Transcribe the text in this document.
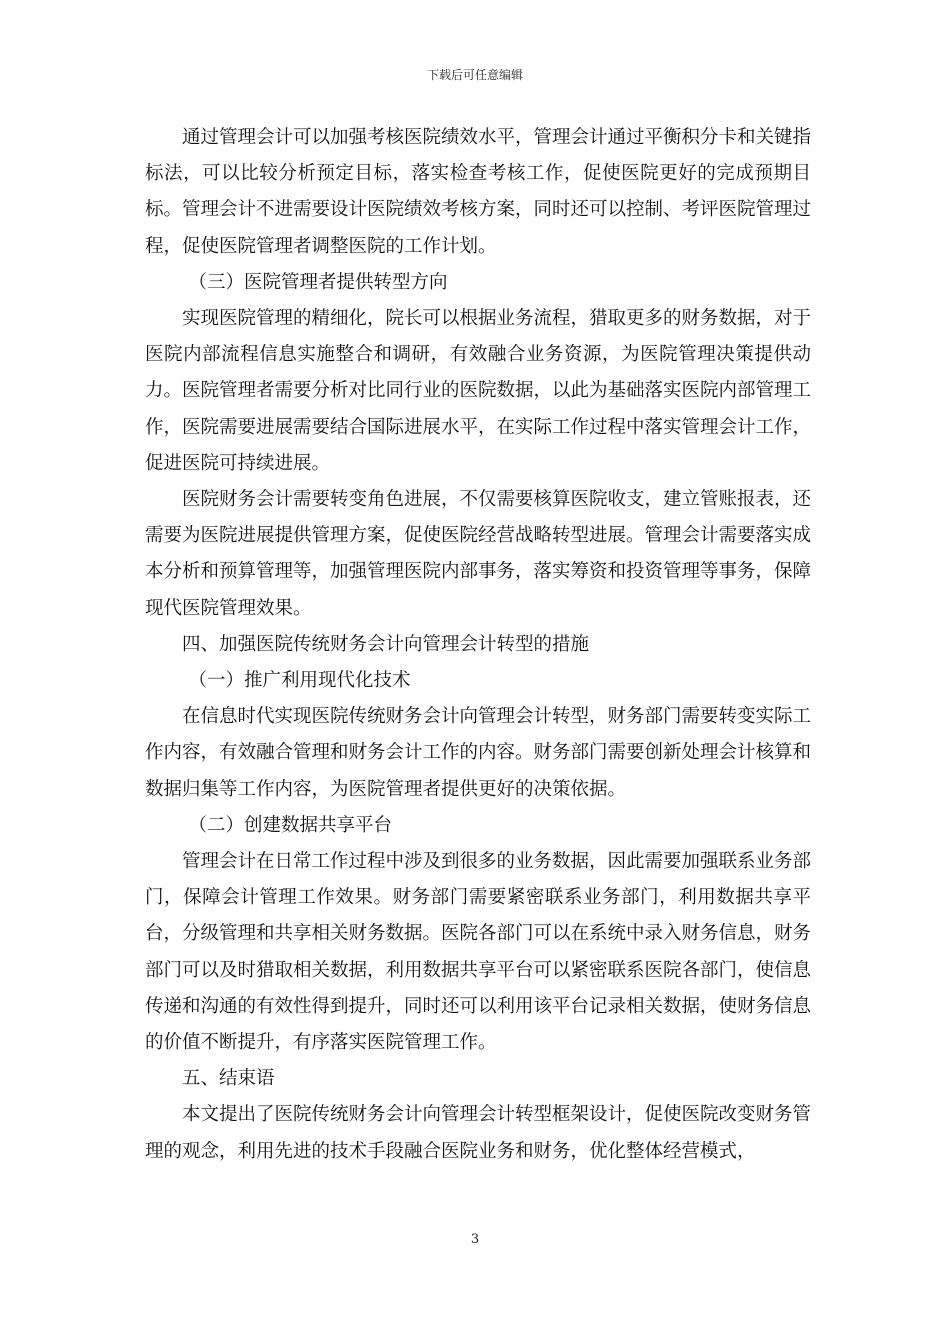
下载后可任意编辑

通过管理会计可以加强考核医院绩效水平，管理会计通过平衡积分卡和关键指标法，可以比较分析预定目标，落实检查考核工作，促使医院更好的完成预期目标。管理会计不进需要设计医院绩效考核方案，同时还可以控制、考评医院管理过程，促使医院管理者调整医院的工作计划。

（三）医院管理者提供转型方向

实现医院管理的精细化，院长可以根据业务流程，猎取更多的财务数据，对于医院内部流程信息实施整合和调研，有效融合业务资源，为医院管理决策提供动力。医院管理者需要分析对比同行业的医院数据，以此为基础落实医院内部管理工作，医院需要进展需要结合国际进展水平，在实际工作过程中落实管理会计工作，促进医院可持续进展。

医院财务会计需要转变角色进展，不仅需要核算医院收支，建立管账报表，还需要为医院进展提供管理方案，促使医院经营战略转型进展。管理会计需要落实成本分析和预算管理等，加强管理医院内部事务，落实筹资和投资管理等事务，保障现代医院管理效果。

四、加强医院传统财务会计向管理会计转型的措施

（一）推广利用现代化技术

在信息时代实现医院传统财务会计向管理会计转型，财务部门需要转变实际工作内容，有效融合管理和财务会计工作的内容。财务部门需要创新处理会计核算和数据归集等工作内容，为医院管理者提供更好的决策依据。

（二）创建数据共享平台

管理会计在日常工作过程中涉及到很多的业务数据，因此需要加强联系业务部门，保障会计管理工作效果。财务部门需要紧密联系业务部门，利用数据共享平台，分级管理和共享相关财务数据。医院各部门可以在系统中录入财务信息，财务部门可以及时猎取相关数据，利用数据共享平台可以紧密联系医院各部门，使信息传递和沟通的有效性得到提升，同时还可以利用该平台记录相关数据，使财务信息的价值不断提升，有序落实医院管理工作。

五、结束语

本文提出了医院传统财务会计向管理会计转型框架设计，促使医院改变财务管理的观念，利用先进的技术手段融合医院业务和财务，优化整体经营模式，

3
